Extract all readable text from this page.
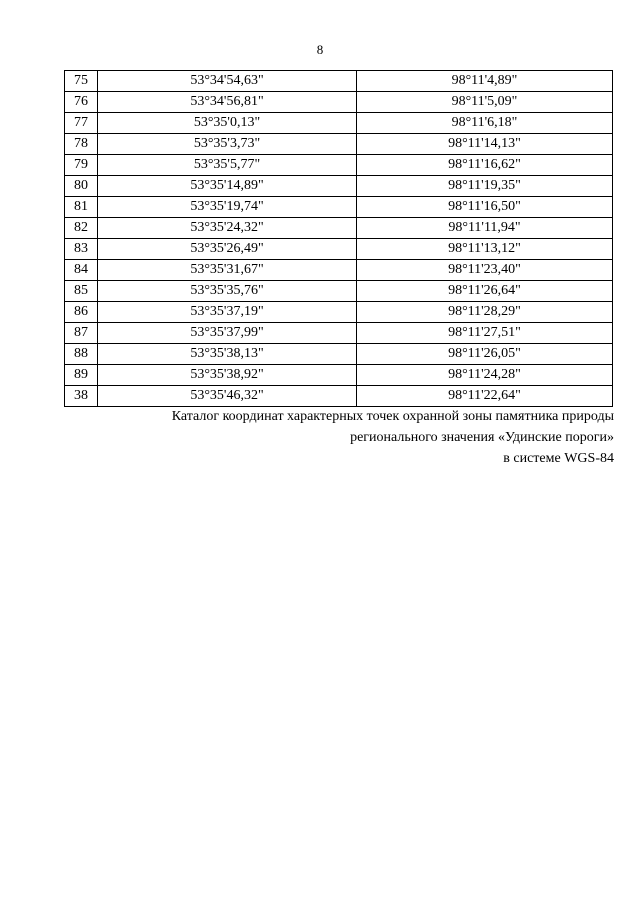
8
75	53°34'54,63"	98°11'4,89"
76	53°34'56,81"	98°11'5,09"
77	53°35'0,13"	98°11'6,18"
78	53°35'3,73"	98°11'14,13"
79	53°35'5,77"	98°11'16,62"
80	53°35'14,89"	98°11'19,35"
81	53°35'19,74"	98°11'16,50"
82	53°35'24,32"	98°11'11,94"
83	53°35'26,49"	98°11'13,12"
84	53°35'31,67"	98°11'23,40"
85	53°35'35,76"	98°11'26,64"
86	53°35'37,19"	98°11'28,29"
87	53°35'37,99"	98°11'27,51"
88	53°35'38,13"	98°11'26,05"
89	53°35'38,92"	98°11'24,28"
38	53°35'46,32"	98°11'22,64"
Каталог координат характерных точек охранной зоны памятника природы
регионального значения «Удинские пороги»
в системе WGS-84
